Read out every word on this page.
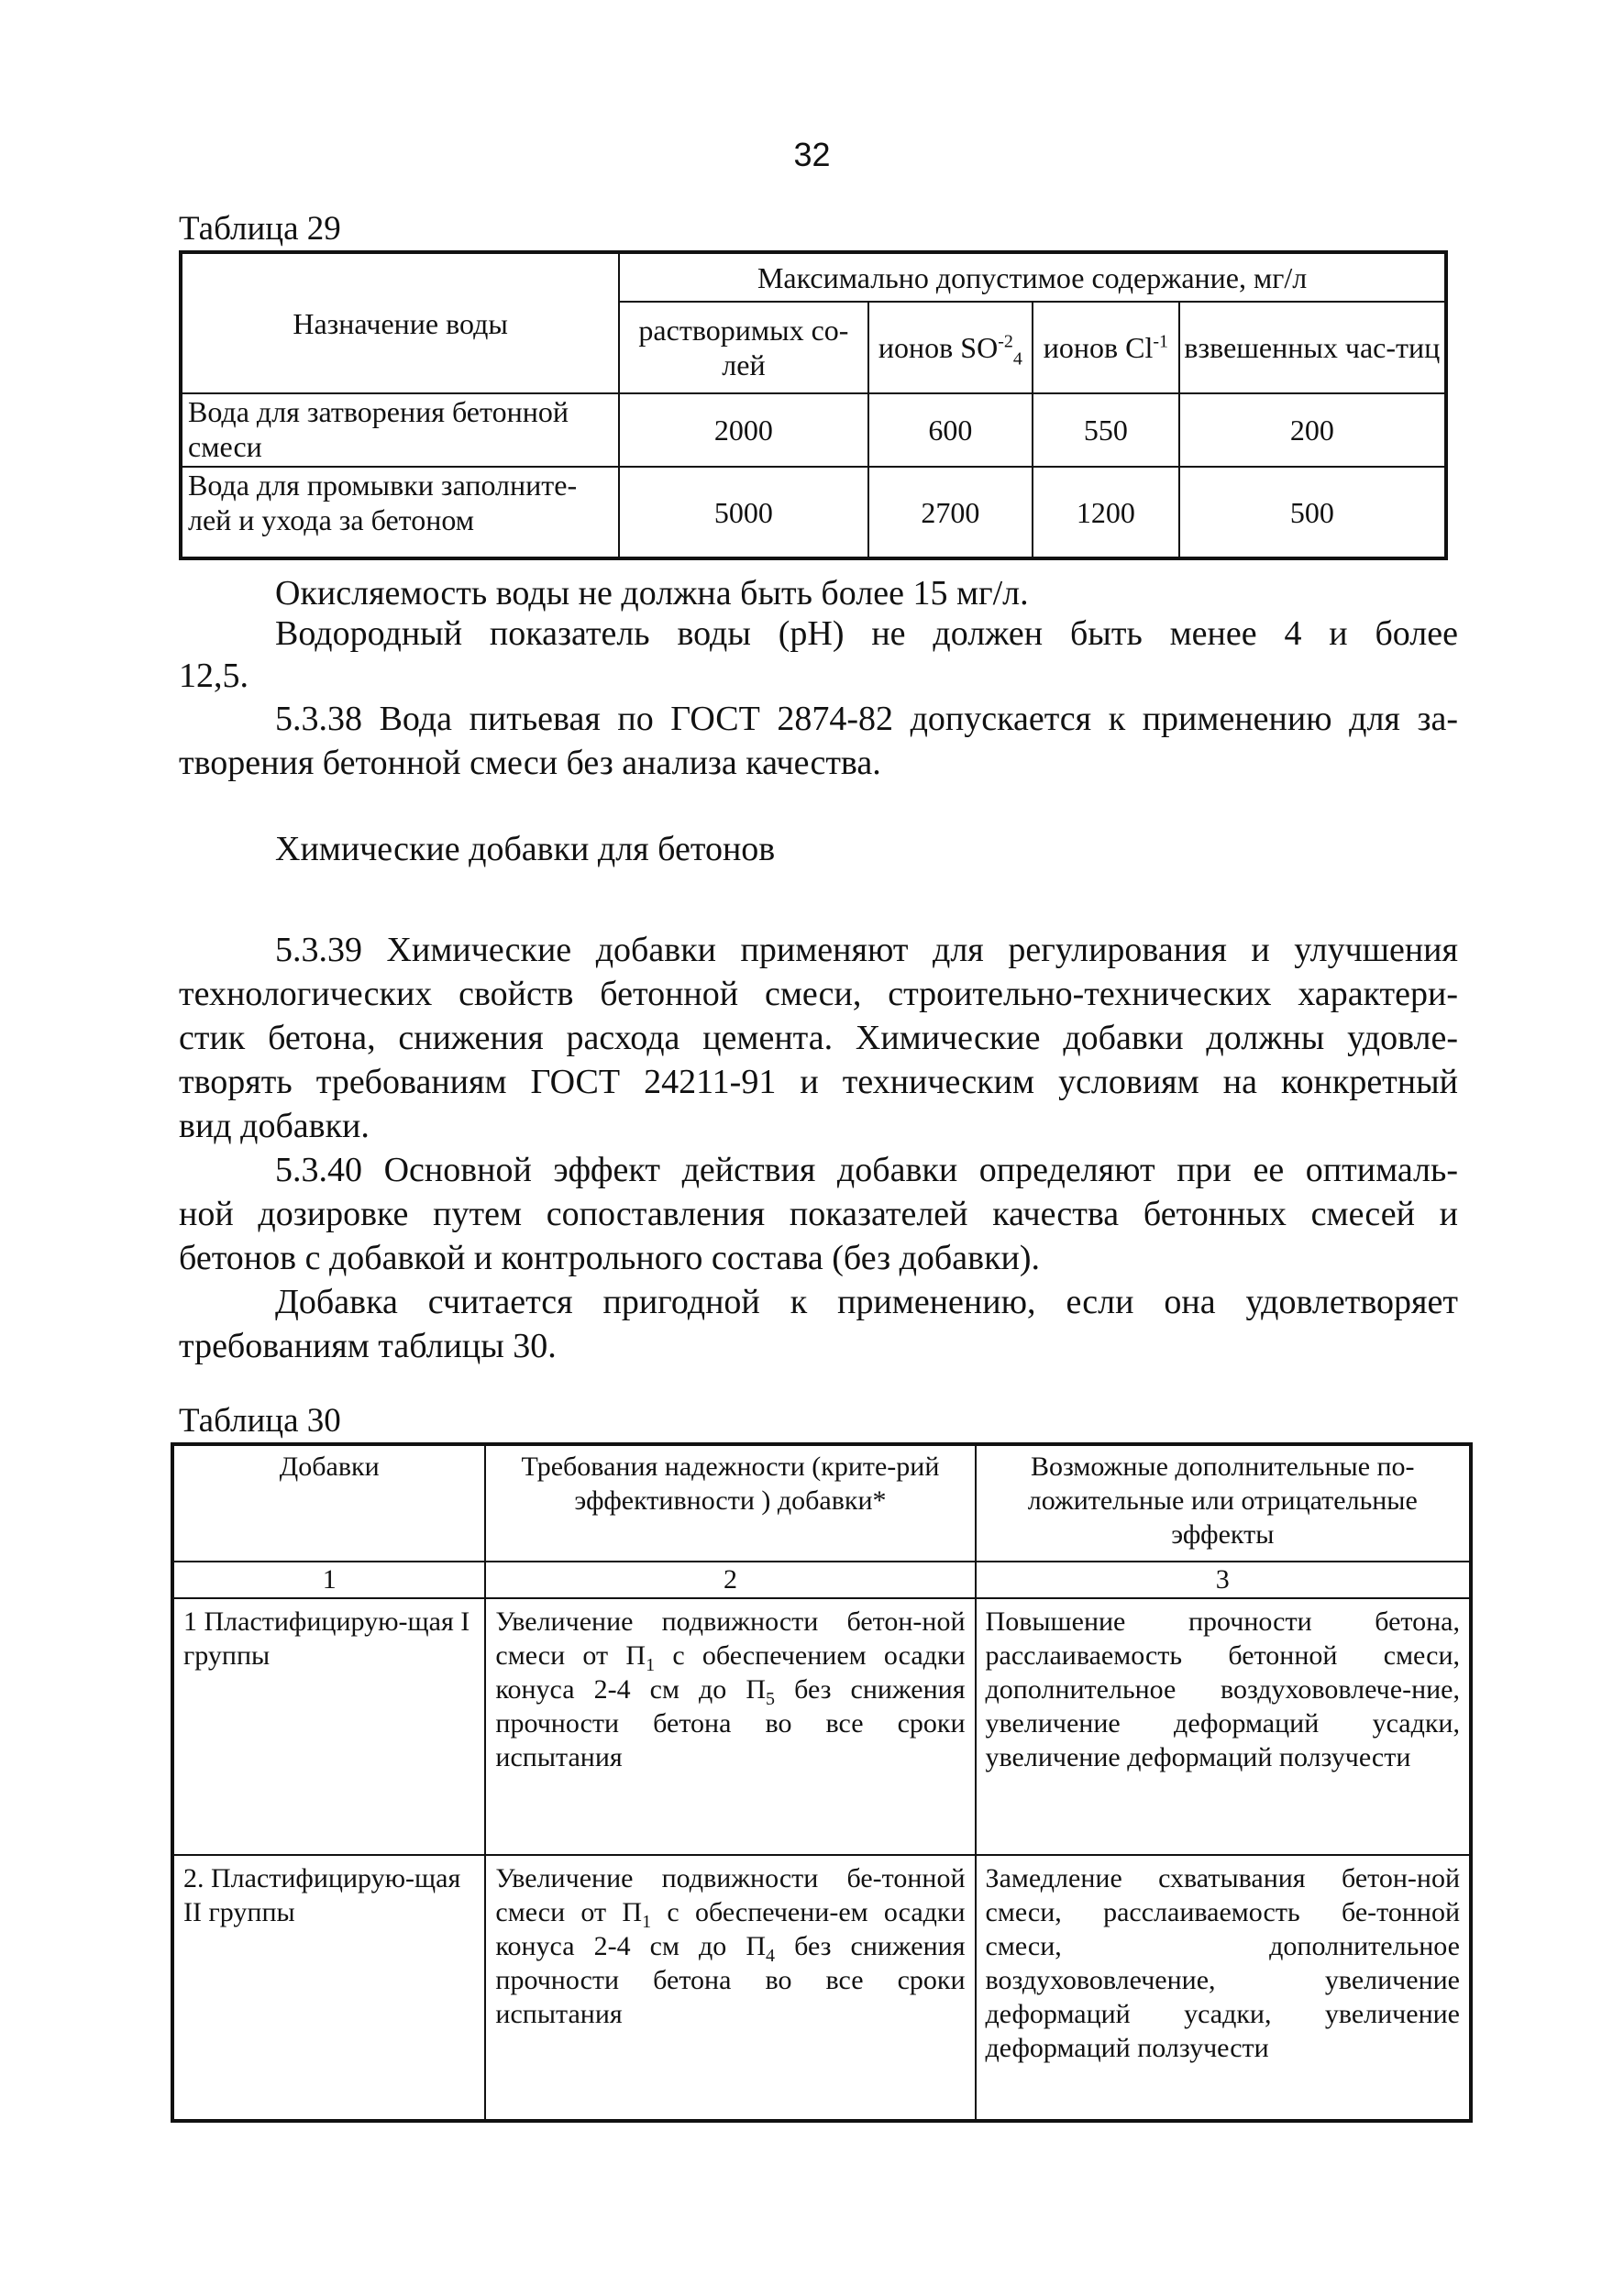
32
Таблица 29
Назначение воды	Максимально допустимое содержание, мг/л			
	растворимых со-лей	ионов $SO^{-2}_4$	ионов $Cl^{-1}$	взвешенных час-тиц
Вода для затворения бетонной смеси	2000	600	550	200
Вода для промывки заполните-лей и ухода за бетоном	5000	2700	1200	500
Окисляемость воды не должна быть более 15 мг/л.
Водородный показатель воды (рН) не должен быть менее 4 и более
12,5.
5.3.38 Вода питьевая по ГОСТ 2874-82 допускается к применению для за-
творения бетонной смеси без анализа качества.
Химические добавки для бетонов
5.3.39 Химические добавки применяют для регулирования и улучшения
технологических свойств бетонной смеси, строительно-технических характери-
стик бетона, снижения расхода цемента. Химические добавки должны удовле-
творять требованиям ГОСТ 24211-91 и техническим условиям на конкретный
вид добавки.
5.3.40 Основной эффект действия добавки определяют при ее оптималь-
ной дозировке путем сопоставления показателей качества бетонных смесей и
бетонов с добавкой и контрольного состава (без добавки).
Добавка считается пригодной к применению, если она удовлетворяет
требованиям таблицы 30.
Таблица 30
Добавки	Требования надежности (крите-рий эффективности ) добавки*	Возможные дополнительные по-ложительные или отрицательные эффекты
1	2	3
1 Пластифицирую-щая I группы	Увеличение подвижности бетон-ной смеси от $П_1$ с обеспечением осадки конуса 2-4 см до $П_5$ без снижения прочности бетона во все сроки испытания	Повышение прочности бетона, расслаиваемость бетонной смеси, дополнительное воздухововлече-ние, увеличение деформаций усадки, увеличение деформаций ползучести
2. Пластифицирую-щая II группы	Увеличение подвижности бе-тонной смеси от $П_1$ с обеспечени-ем осадки конуса 2-4 см до $П_4$ без снижения прочности бетона во все сроки испытания	Замедление схватывания бетон-ной смеси, расслаиваемость бе-тонной смеси, дополнительное воздухововлечение, увеличение деформаций усадки, увеличение деформаций ползучести
